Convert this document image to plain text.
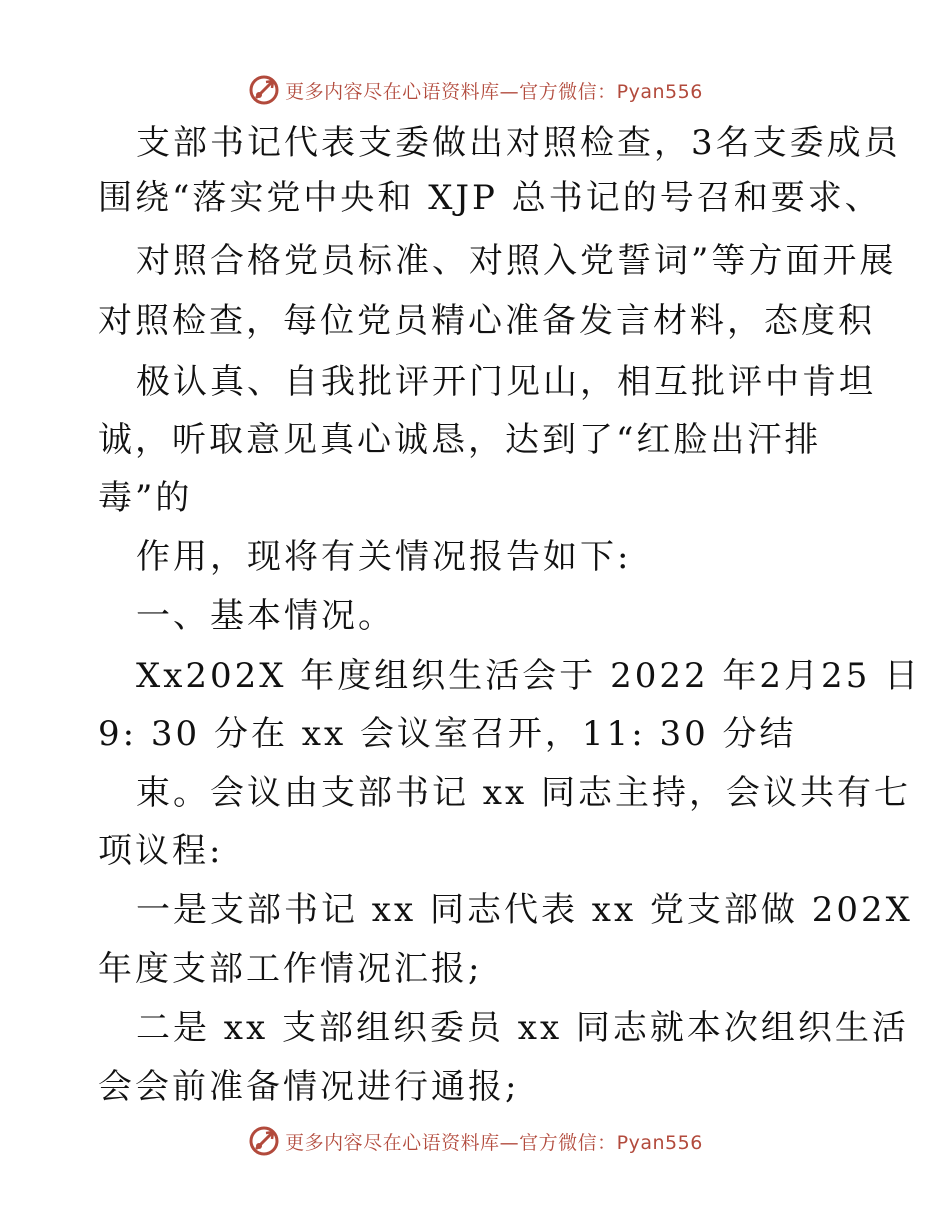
更多内容尽在心语资料库—官方微信：Pyan556
支部书记代表支委做出对照检查，3名支委成员
围绕“落实党中央和 XJP 总书记的号召和要求、
对照合格党员标准、对照入党誓词”等方面开展
对照检查，每位党员精心准备发言材料，态度积
极认真、自我批评开门见山，相互批评中肯坦
诚，听取意见真心诚恳，达到了“红脸出汗排
毒”的
作用，现将有关情况报告如下:
一、基本情况。
Xx202X 年度组织生活会于 2022 年2月25 日
9: 30 分在 xx 会议室召开，11: 30 分结
束。会议由支部书记 xx 同志主持，会议共有七
项议程:
一是支部书记 xx 同志代表 xx 党支部做 202X
年度支部工作情况汇报;
二是 xx 支部组织委员 xx 同志就本次组织生活
会会前准备情况进行通报;
更多内容尽在心语资料库—官方微信：Pyan556
